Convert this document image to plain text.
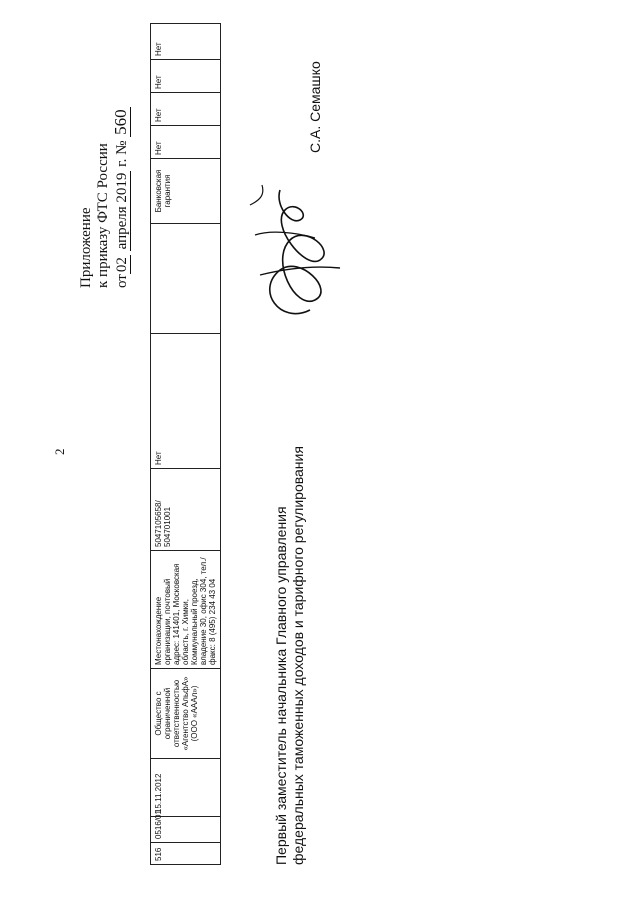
2
Приложение к приказу ФТС России от02 апреля 2019 г. № 560
516	0516/01	15.11.2012	Общество с ограниченной ответственностью «Агентство АльфА» (ООО «АААл»)	Местонахождение организации, почтовый адрес: 141401, Московская область, г. Химки, Коммунальный проезд, владение 30, офис 304, тел./факс: 8 (495) 234 43 04	5047105658/ 504701001	Нет		Банковская гарантия	Нет	Нет	Нет	Нет
Первый заместитель начальника Главного управления федеральных таможенных доходов и тарифного регулирования
С.А. Семашко
